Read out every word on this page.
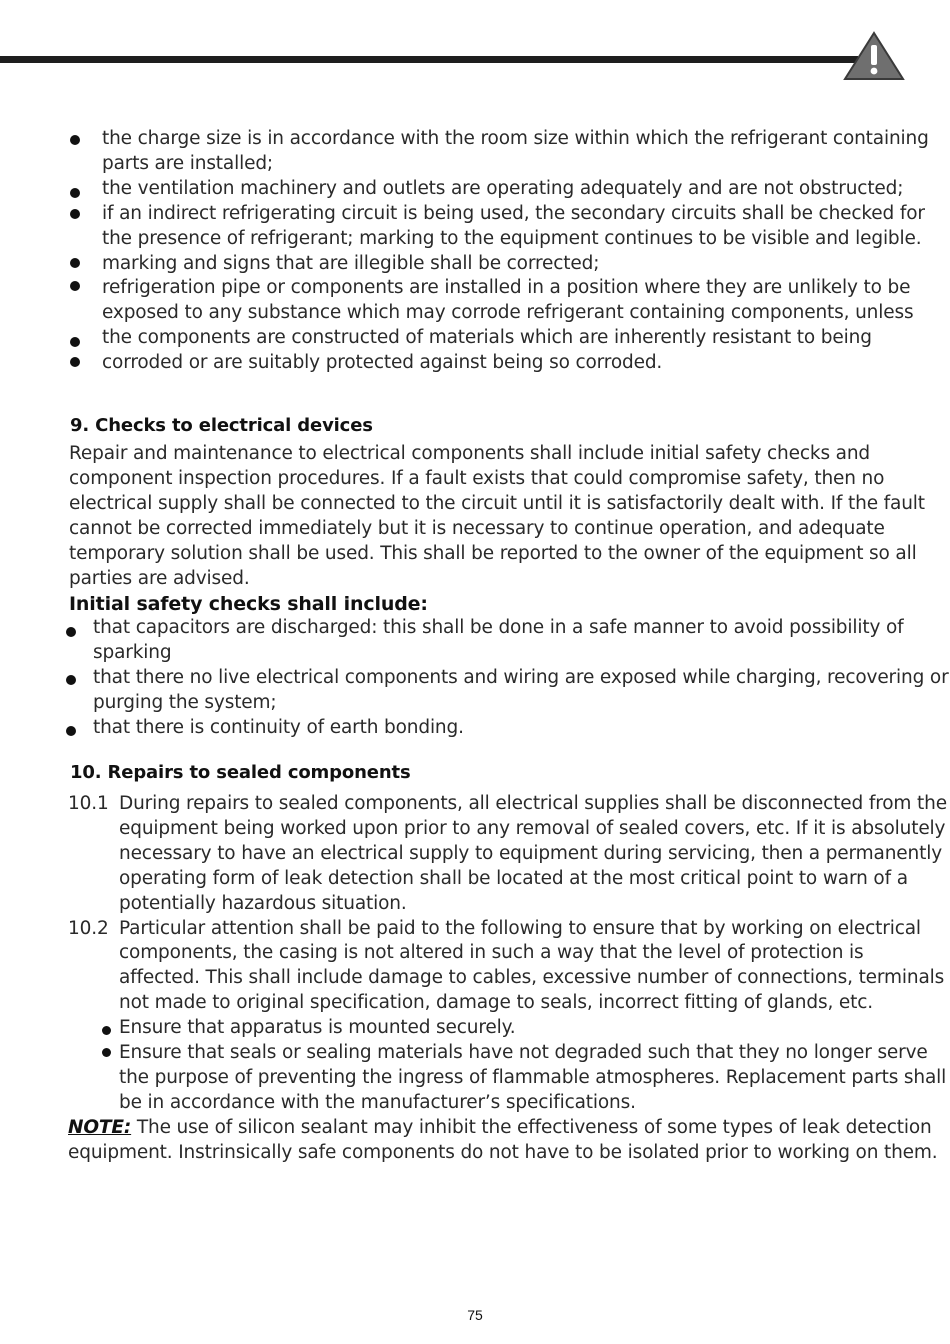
the charge size is in accordance with the room size within which the refrigerant containing parts are installed;
the ventilation machinery and outlets are operating adequately and are not obstructed;
if an indirect refrigerating circuit is being used, the secondary circuits shall be checked for the presence of refrigerant; marking to the equipment continues to be visible and legible.
marking and signs that are illegible shall be corrected;
refrigeration pipe or components are installed in a position where they are unlikely to be exposed to any substance which may corrode refrigerant containing components, unless
the components are constructed of materials which are inherently resistant to being
corroded or are suitably protected against being so corroded.
9. Checks to electrical devices
Repair and maintenance to electrical components shall include initial safety checks and component inspection procedures. If a fault exists that could compromise safety, then no electrical supply shall be connected to the circuit until it is satisfactorily dealt with. If the fault cannot be corrected immediately but it is necessary to continue operation, and adequate temporary solution shall be used. This shall be reported to the owner of the equipment so all parties are advised.
Initial safety checks shall include:
that capacitors are discharged: this shall be done in a safe manner to avoid possibility of sparking
that there no live electrical components and wiring are exposed while charging, recovering or purging the system;
that there is continuity of earth bonding.
10. Repairs to sealed components
10.1 During repairs to sealed components, all electrical supplies shall be disconnected from the equipment being worked upon prior to any removal of sealed covers, etc. If it is absolutely necessary to have an electrical supply to equipment during servicing, then a permanently operating form of leak detection shall be located at the most critical point to warn of a potentially hazardous situation.
10.2 Particular attention shall be paid to the following to ensure that by working on electrical components, the casing is not altered in such a way that the level of protection is affected. This shall include damage to cables, excessive number of connections, terminals not made to original specification, damage to seals, incorrect fitting of glands, etc.
Ensure that apparatus is mounted securely.
Ensure that seals or sealing materials have not degraded such that they no longer serve the purpose of preventing the ingress of flammable atmospheres. Replacement parts shall be in accordance with the manufacturer’s specifications.
NOTE: The use of silicon sealant may inhibit the effectiveness of some types of leak detection equipment. Instrinsically safe components do not have to be isolated prior to working on them.
75
